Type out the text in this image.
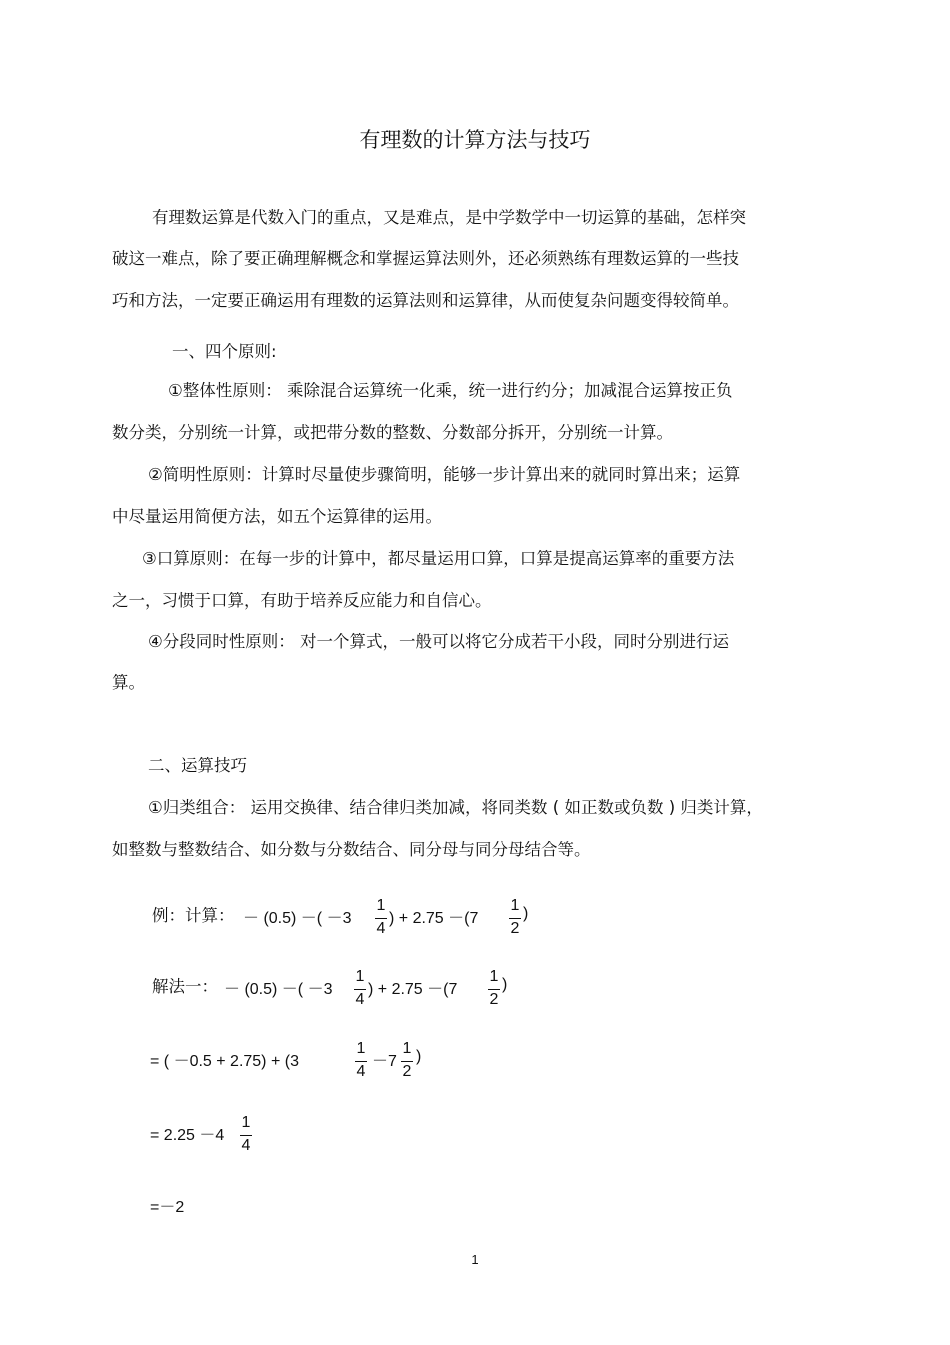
有理数的计算方法与技巧
有理数运算是代数入门的重点，又是难点，是中学数学中一切运算的基础，怎样突
破这一难点，除了要正确理解概念和掌握运算法则外，还必须熟练有理数运算的一些技
巧和方法，一定要正确运用有理数的运算法则和运算律，从而使复杂问题变得较简单。
一、四个原则:
①整体性原则： 乘除混合运算统一化乘，统一进行约分；加减混合运算按正负
数分类，分别统一计算，或把带分数的整数、分数部分拆开，分别统一计算。
②简明性原则：计算时尽量使步骤简明，能够一步计算出来的就同时算出来；运算
中尽量运用简便方法，如五个运算律的运用。
③口算原则：在每一步的计算中，都尽量运用口算，口算是提高运算率的重要方法
之一，习惯于口算，有助于培养反应能力和自信心。
④分段同时性原则： 对一个算式，一般可以将它分成若干小段，同时分别进行运
算。
二、运算技巧
①归类组合： 运用交换律、结合律归类加减，将同类数 ( 如正数或负数 ) 归类计算，
如整数与整数结合、如分数与分数结合、同分母与同分母结合等。
例：计算： － (0.5) －( －3
1
4
) + 2.75 －(7
1
2
)
解法一： － (0.5) －( －3
1
4
) + 2.75 －(7
1
2
)
= ( －0.5 + 2.75) + (3
1
4
－7
1
2
)
= 2.25 －4
1
4
=－2
1
